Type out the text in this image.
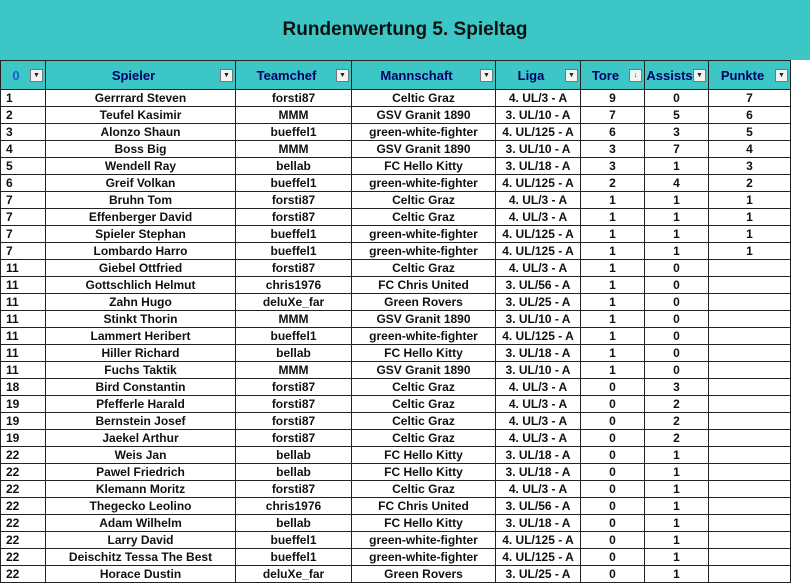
Rundenwertung 5. Spieltag
0 ▼	Spieler ▼	Teamchef ▼	Mannschaft ▼	Liga ▼	Tore ↓	Assists ▼	Punkte ▼

1	Gerrrard Steven	forsti87	Celtic Graz	4. UL/3 - A	9	0	7
2	Teufel Kasimir	MMM	GSV Granit 1890	3. UL/10 - A	7	5	6
3	Alonzo Shaun	bueffel1	green-white-fighter	4. UL/125 - A	6	3	5
4	Boss Big	MMM	GSV Granit 1890	3. UL/10 - A	3	7	4
5	Wendell Ray	bellab	FC Hello Kitty	3. UL/18 - A	3	1	3
6	Greif Volkan	bueffel1	green-white-fighter	4. UL/125 - A	2	4	2
7	Bruhn Tom	forsti87	Celtic Graz	4. UL/3 - A	1	1	1
7	Effenberger David	forsti87	Celtic Graz	4. UL/3 - A	1	1	1
7	Spieler Stephan	bueffel1	green-white-fighter	4. UL/125 - A	1	1	1
7	Lombardo Harro	bueffel1	green-white-fighter	4. UL/125 - A	1	1	1
11	Giebel Ottfried	forsti87	Celtic Graz	4. UL/3 - A	1	0	
11	Gottschlich Helmut	chris1976	FC Chris United	3. UL/56 - A	1	0	
11	Zahn Hugo	deluXe_far	Green Rovers	3. UL/25 - A	1	0	
11	Stinkt Thorin	MMM	GSV Granit 1890	3. UL/10 - A	1	0	
11	Lammert Heribert	bueffel1	green-white-fighter	4. UL/125 - A	1	0	
11	Hiller Richard	bellab	FC Hello Kitty	3. UL/18 - A	1	0	
11	Fuchs Taktik	MMM	GSV Granit 1890	3. UL/10 - A	1	0	
18	Bird Constantin	forsti87	Celtic Graz	4. UL/3 - A	0	3	
19	Pfefferle Harald	forsti87	Celtic Graz	4. UL/3 - A	0	2	
19	Bernstein Josef	forsti87	Celtic Graz	4. UL/3 - A	0	2	
19	Jaekel Arthur	forsti87	Celtic Graz	4. UL/3 - A	0	2	
22	Weis Jan	bellab	FC Hello Kitty	3. UL/18 - A	0	1	
22	Pawel Friedrich	bellab	FC Hello Kitty	3. UL/18 - A	0	1	
22	Klemann Moritz	forsti87	Celtic Graz	4. UL/3 - A	0	1	
22	Thegecko Leolino	chris1976	FC Chris United	3. UL/56 - A	0	1	
22	Adam Wilhelm	bellab	FC Hello Kitty	3. UL/18 - A	0	1	
22	Larry David	bueffel1	green-white-fighter	4. UL/125 - A	0	1	
22	Deischitz Tessa The Best	bueffel1	green-white-fighter	4. UL/125 - A	0	1	
22	Horace Dustin	deluXe_far	Green Rovers	3. UL/25 - A	0	1	
